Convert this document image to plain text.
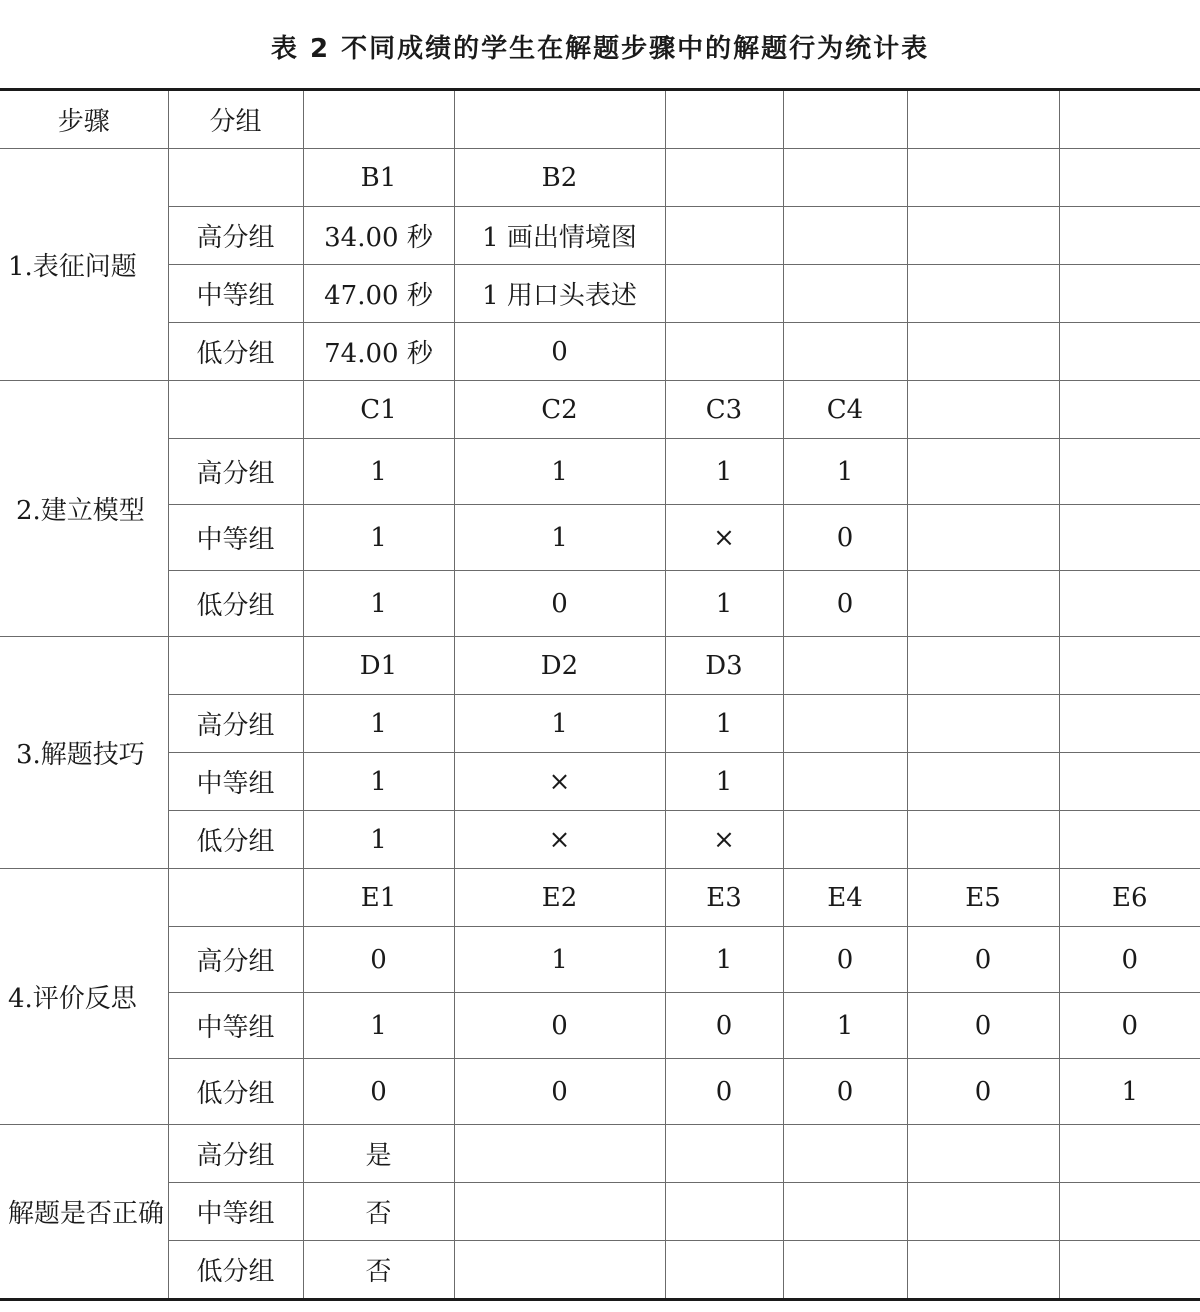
表 2 不同成绩的学生在解题步骤中的解题行为统计表
步骤	分组						
1.表征问题		B1	B2				
	高分组	34.00 秒	1 画出情境图				
	中等组	47.00 秒	1 用口头表述				
	低分组	74.00 秒	0				
2.建立模型		C1	C2	C3	C4		
	高分组	1	1	1	1		
	中等组	1	1	×	0		
	低分组	1	0	1	0		
3.解题技巧		D1	D2	D3			
	高分组	1	1	1			
	中等组	1	×	1			
	低分组	1	×	×			
4.评价反思		E1	E2	E3	E4	E5	E6
	高分组	0	1	1	0	0	0
	中等组	1	0	0	1	0	0
	低分组	0	0	0	0	0	1
解题是否正确	高分组	是					
	中等组	否					
	低分组	否					
